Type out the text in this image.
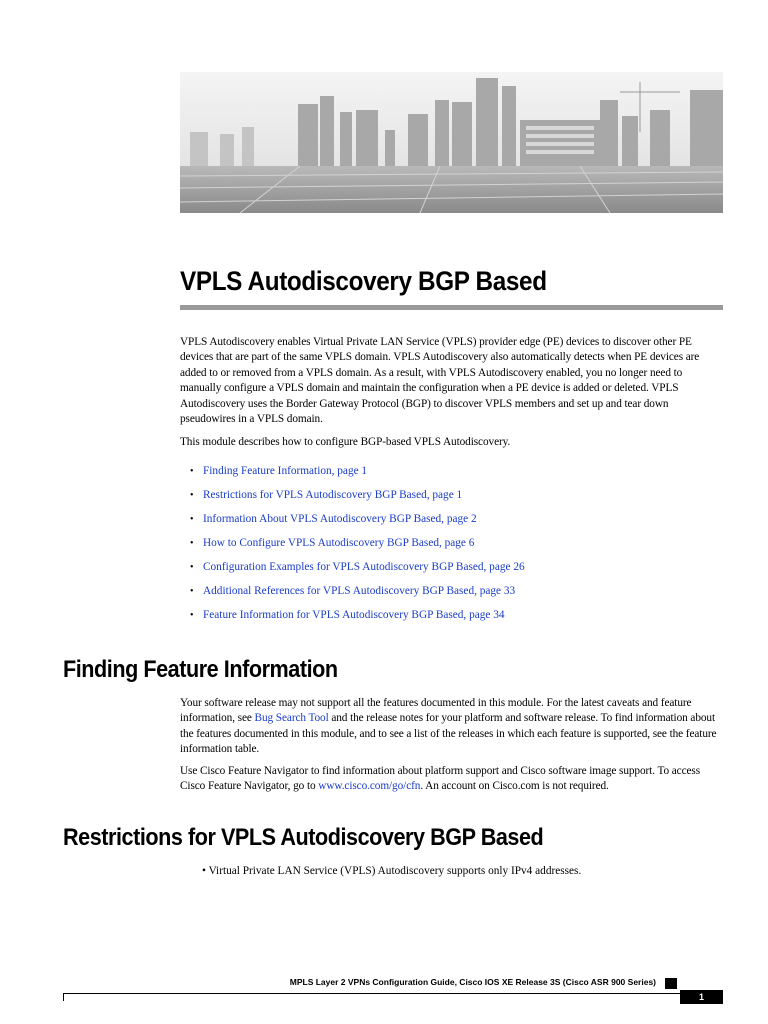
VPLS Autodiscovery BGP Based

VPLS Autodiscovery enables Virtual Private LAN Service (VPLS) provider edge (PE) devices to discover other PE devices that are part of the same VPLS domain. VPLS Autodiscovery also automatically detects when PE devices are added to or removed from a VPLS domain. As a result, with VPLS Autodiscovery enabled, you no longer need to manually configure a VPLS domain and maintain the configuration when a PE device is added or deleted. VPLS Autodiscovery uses the Border Gateway Protocol (BGP) to discover VPLS members and set up and tear down pseudowires in a VPLS domain.

This module describes how to configure BGP-based VPLS Autodiscovery.

• Finding Feature Information, page 1
• Restrictions for VPLS Autodiscovery BGP Based, page 1
• Information About VPLS Autodiscovery BGP Based, page 2
• How to Configure VPLS Autodiscovery BGP Based, page 6
• Configuration Examples for VPLS Autodiscovery BGP Based, page 26
• Additional References for VPLS Autodiscovery BGP Based, page 33
• Feature Information for VPLS Autodiscovery BGP Based, page 34
Finding Feature Information

Your software release may not support all the features documented in this module. For the latest caveats and feature information, see Bug Search Tool and the release notes for your platform and software release. To find information about the features documented in this module, and to see a list of the releases in which each feature is supported, see the feature information table.

Use Cisco Feature Navigator to find information about platform support and Cisco software image support. To access Cisco Feature Navigator, go to www.cisco.com/go/cfn. An account on Cisco.com is not required.

Restrictions for VPLS Autodiscovery BGP Based
• Virtual Private LAN Service (VPLS) Autodiscovery supports only IPv4 addresses.
MPLS Layer 2 VPNs Configuration Guide, Cisco IOS XE Release 3S (Cisco ASR 900 Series)
1
